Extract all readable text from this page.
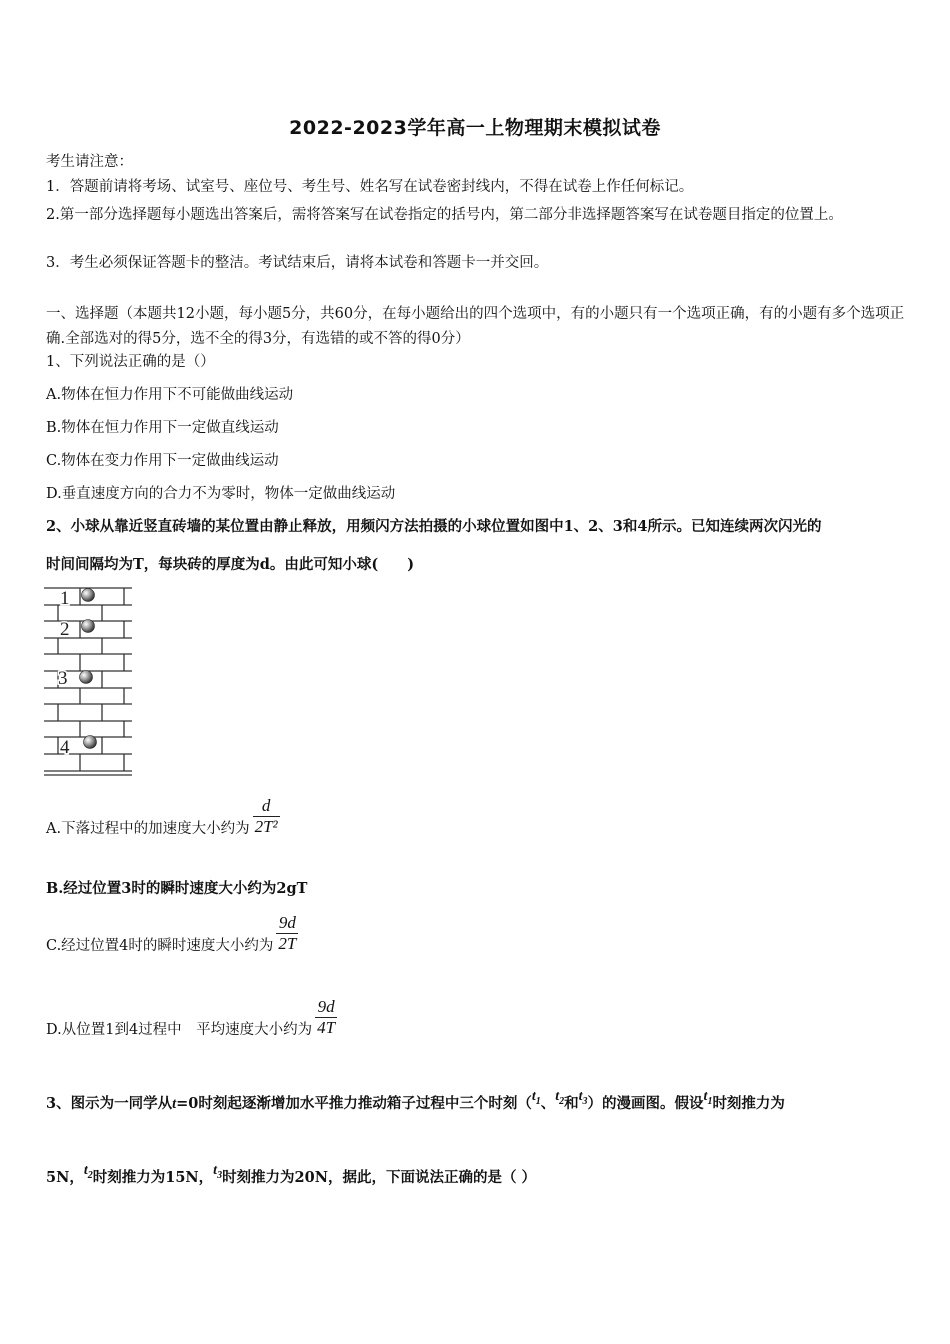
2022-2023学年高一上物理期末模拟试卷
考生请注意：
1．答题前请将考场、试室号、座位号、考生号、姓名写在试卷密封线内，不得在试卷上作任何标记。
2.第一部分选择题每小题选出答案后，需将答案写在试卷指定的括号内，第二部分非选择题答案写在试卷题目指定的位置上。
3．考生必须保证答题卡的整洁。考试结束后，请将本试卷和答题卡一并交回。
一、选择题（本题共12小题，每小题5分，共60分，在每小题给出的四个选项中，有的小题只有一个选项正确，有的小题有多个选项正确.全部选对的得5分，选不全的得3分，有选错的或不答的得0分）
1、下列说法正确的是（）
A.物体在恒力作用下不可能做曲线运动
B.物体在恒力作用下一定做直线运动
C.物体在变力作用下一定做曲线运动
D.垂直速度方向的合力不为零时，物体一定做曲线运动
2、小球从靠近竖直砖墙的某位置由静止释放，用频闪方法拍摄的小球位置如图中1、2、3和4所示。已知连续两次闪光的
时间间隔均为T，每块砖的厚度为d。由此可知小球(　　)
1
2
3
4
A.下落过程中的加速度大小约为 $\frac{d}{\text{2T²}}$
B.经过位置3时的瞬时速度大小约为2gT
C.经过位置4时的瞬时速度大小约为 $\frac{9d}{2T}$
D.从位置1到4过程中　平均速度大小约为 $\frac{9d}{4T}$
3、图示为一同学从t=0时刻起逐渐增加水平推力推动箱子过程中三个时刻（$t_1$、$t_2$和$t_3$）的漫画图。假设$t_1$时刻推力为
5N，$t_2$时刻推力为15N，$t_3$时刻推力为20N，据此，下面说法正确的是（ ）
